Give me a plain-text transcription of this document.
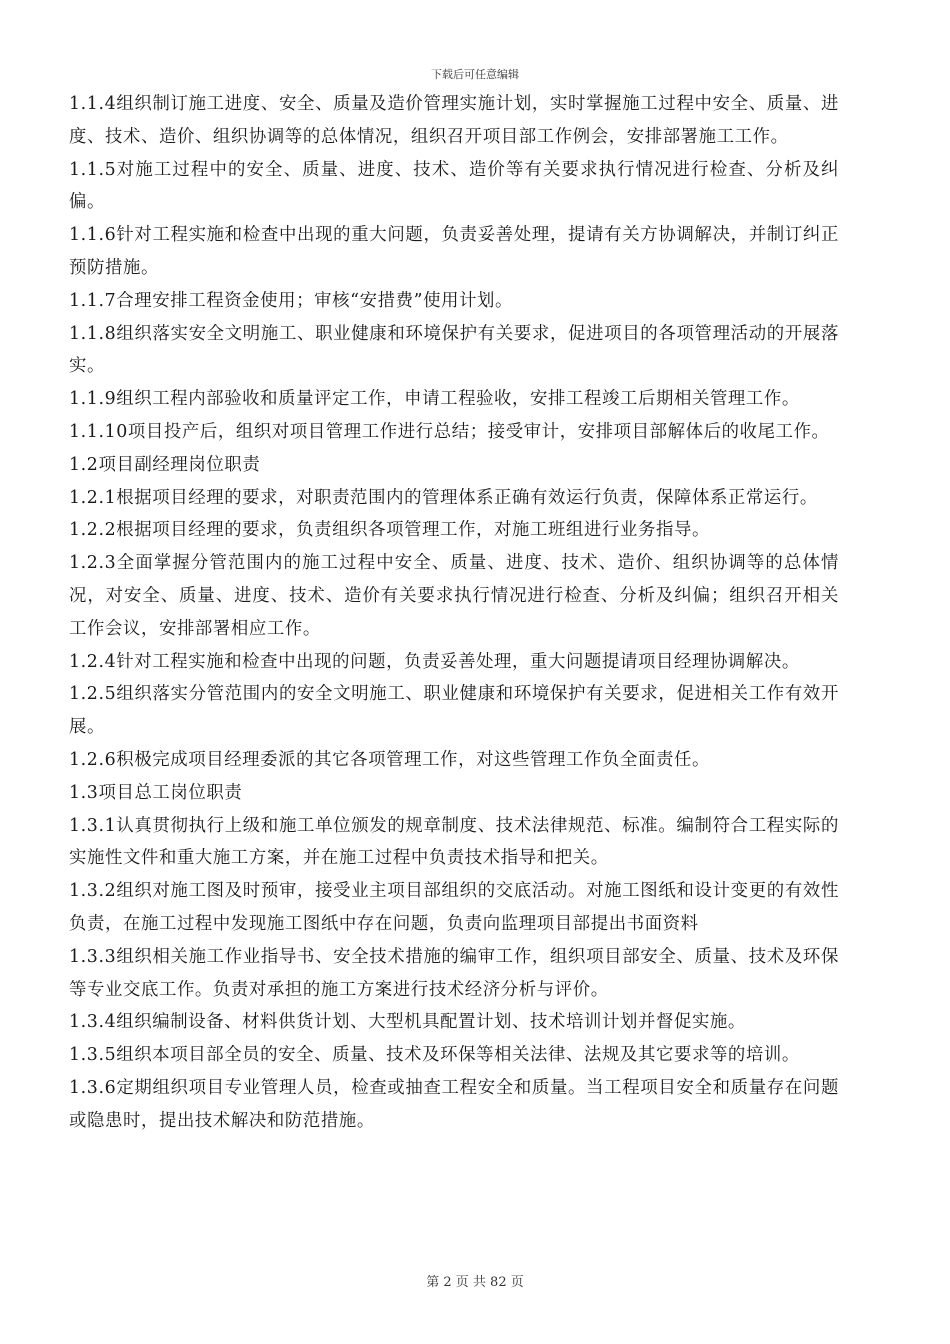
下载后可任意编辑

1.1.4组织制订施工进度、安全、质量及造价管理实施计划，实时掌握施工过程中安全、质量、进度、技术、造价、组织协调等的总体情况，组织召开项目部工作例会，安排部署施工工作。

1.1.5对施工过程中的安全、质量、进度、技术、造价等有关要求执行情况进行检查、分析及纠偏。

1.1.6针对工程实施和检查中出现的重大问题，负责妥善处理，提请有关方协调解决，并制订纠正预防措施。

1.1.7合理安排工程资金使用；审核“安措费”使用计划。

1.1.8组织落实安全文明施工、职业健康和环境保护有关要求，促进项目的各项管理活动的开展落实。

1.1.9组织工程内部验收和质量评定工作，申请工程验收，安排工程竣工后期相关管理工作。

1.1.10项目投产后，组织对项目管理工作进行总结；接受审计，安排项目部解体后的收尾工作。

1.2项目副经理岗位职责

1.2.1根据项目经理的要求，对职责范围内的管理体系正确有效运行负责，保障体系正常运行。

1.2.2根据项目经理的要求，负责组织各项管理工作，对施工班组进行业务指导。

1.2.3全面掌握分管范围内的施工过程中安全、质量、进度、技术、造价、组织协调等的总体情况，对安全、质量、进度、技术、造价有关要求执行情况进行检查、分析及纠偏；组织召开相关工作会议，安排部署相应工作。

1.2.4针对工程实施和检查中出现的问题，负责妥善处理，重大问题提请项目经理协调解决。

1.2.5组织落实分管范围内的安全文明施工、职业健康和环境保护有关要求，促进相关工作有效开展。

1.2.6积极完成项目经理委派的其它各项管理工作，对这些管理工作负全面责任。

1.3项目总工岗位职责

1.3.1认真贯彻执行上级和施工单位颁发的规章制度、技术法律规范、标准。编制符合工程实际的实施性文件和重大施工方案，并在施工过程中负责技术指导和把关。

1.3.2组织对施工图及时预审，接受业主项目部组织的交底活动。对施工图纸和设计变更的有效性负责，在施工过程中发现施工图纸中存在问题，负责向监理项目部提出书面资料

1.3.3组织相关施工作业指导书、安全技术措施的编审工作，组织项目部安全、质量、技术及环保等专业交底工作。负责对承担的施工方案进行技术经济分析与评价。

1.3.4组织编制设备、材料供货计划、大型机具配置计划、技术培训计划并督促实施。

1.3.5组织本项目部全员的安全、质量、技术及环保等相关法律、法规及其它要求等的培训。

1.3.6定期组织项目专业管理人员，检查或抽查工程安全和质量。当工程项目安全和质量存在问题或隐患时，提出技术解决和防范措施。

第 2 页 共 82 页
